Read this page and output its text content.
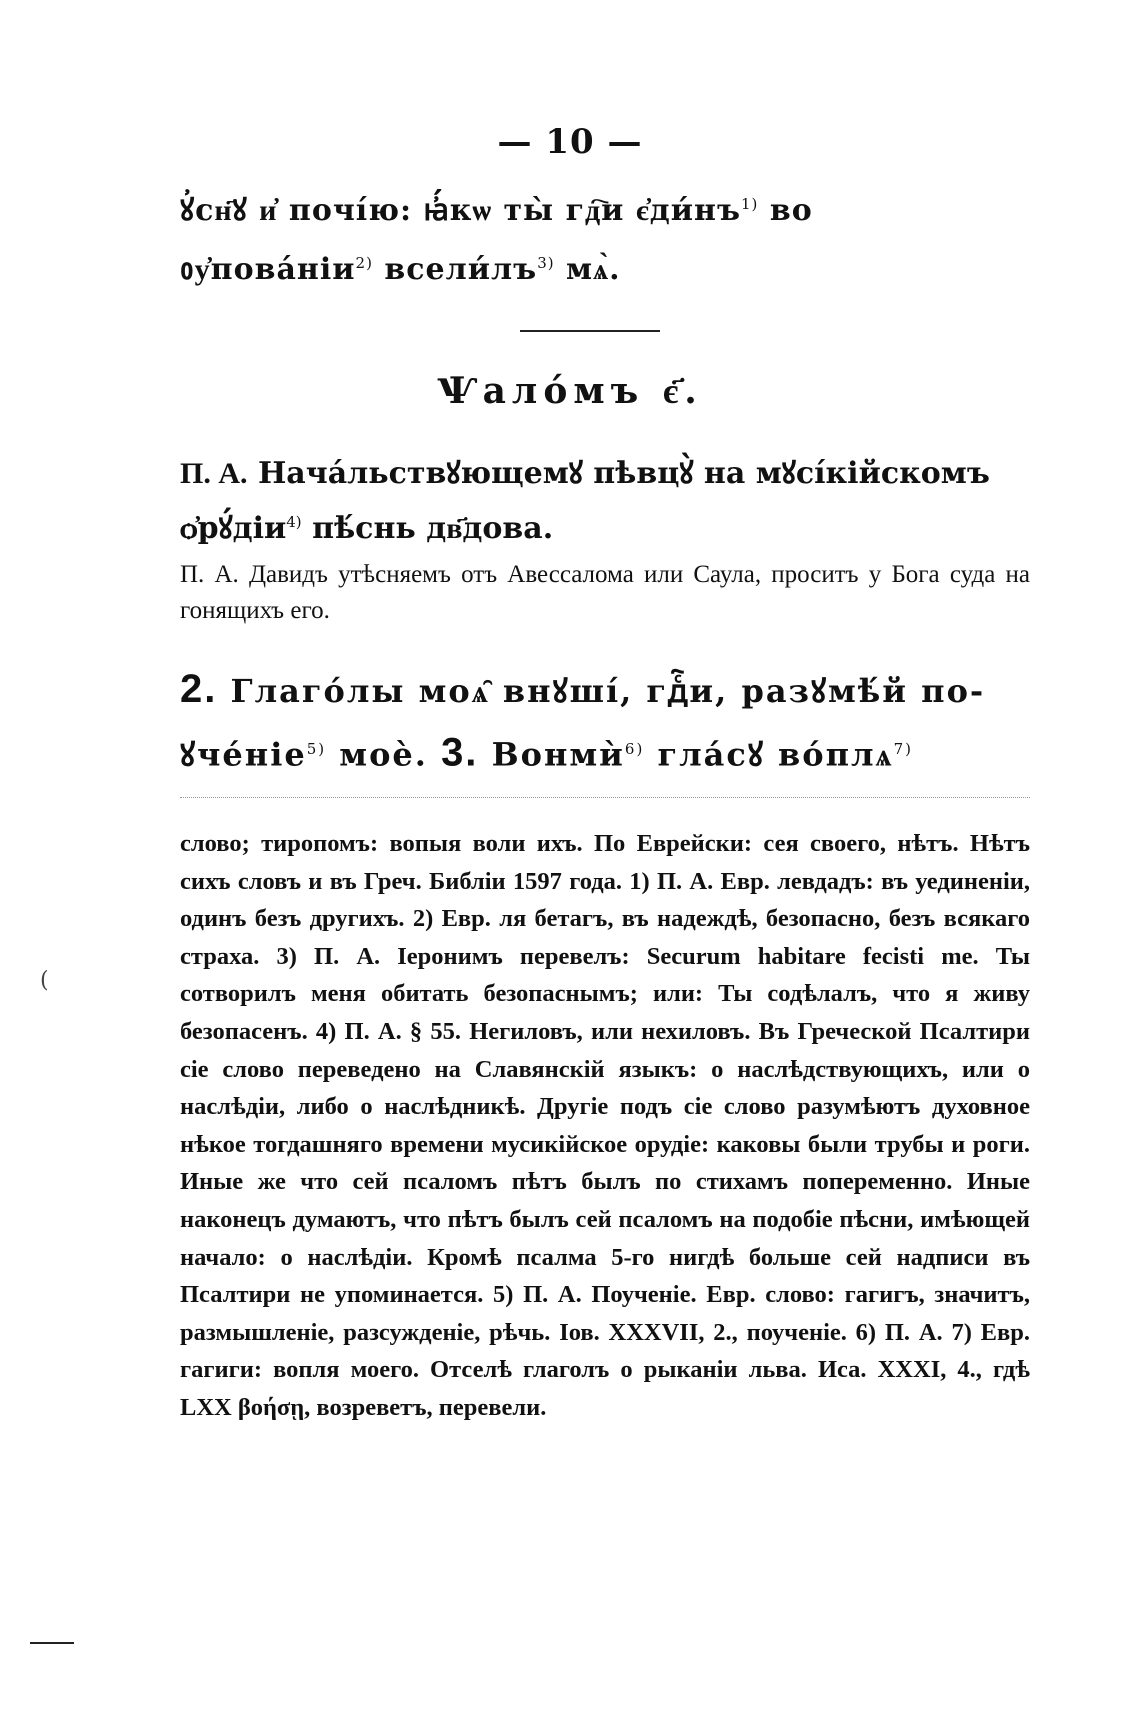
— 10 —
ꙋ҆сн҃ꙋ и҆ почі́ю: ꙗ҆́кѡ ты̀ гд҇и $є҆ди́нъ^{1)}$ во
ᲂу҆пова́ніи$^{2)}$ $всели́лъ^{3)}$ мѧ̀.
Ѱало́мъ є҃.
П. А. Нача́льствꙋющемꙋ пѣвцꙋ̀ на мꙋсі́кійскомъ ѻ҆рꙋ́діи$^{4)}$ пѣ́снь дв҃дова.
П. А. Давидъ утѣсняемъ отъ Авессалома или Саула, проситъ у Бога суда на гонящихъ его.
2. Глаго́лы моѧ̑ внꙋші́, гдⷭ҇и, разꙋмѣ́й по- ꙋче́ніе$^{5)}$ моѐ. 3. Вонмѝ$^{6)}$ гла́сꙋ во́плѧ$^{7)}$
слово; тиропомъ: вопыя воли ихъ. По Еврейски: сея своего, нѣтъ. Нѣтъ сихъ словъ и въ Греч. Библіи 1597 года. 1) П. А. Евр. левдадъ: въ уединеніи, одинъ безъ другихъ. 2) Евр. ля бетагъ, въ надеждѣ, безопасно, безъ всякаго страха. 3) П. А. Іеронимъ перевелъ: Securum habitare fecisti me. Ты сотворилъ меня обитать безопаснымъ; или: Ты содѣлалъ, что я живу безопасенъ. 4) П. А. § 55. Негиловъ, или нехиловъ. Въ Греческой Псалтири сіе слово переведено на Славянскій языкъ: о наслѣдствующихъ, или о наслѣдіи, либо о наслѣдникѣ. Другіе подъ сіе слово разумѣютъ духовное нѣкое тогдашняго времени мусикійское орудіе: каковы были трубы и роги. Иные же что сей псаломъ пѣтъ былъ по стихамъ попеременно. Иные наконецъ думаютъ, что пѣтъ былъ сей псаломъ на подобіе пѣсни, имѣющей начало: о наслѣдіи. Кромѣ псалма 5-го нигдѣ больше сей надписи въ Псалтири не упоминается. 5) П. А. Поученіе. Евр. слово: гагигъ, значитъ, размышленіе, разсужденіе, рѣчь. Іов. XXXVII, 2., поученіе. 6) П. А. 7) Евр. гагиги: вопля моего. Отселѣ глаголъ о рыканіи льва. Иса. XXXI, 4., гдѣ LXX βοήσῃ, возреветъ, перевели.
(
